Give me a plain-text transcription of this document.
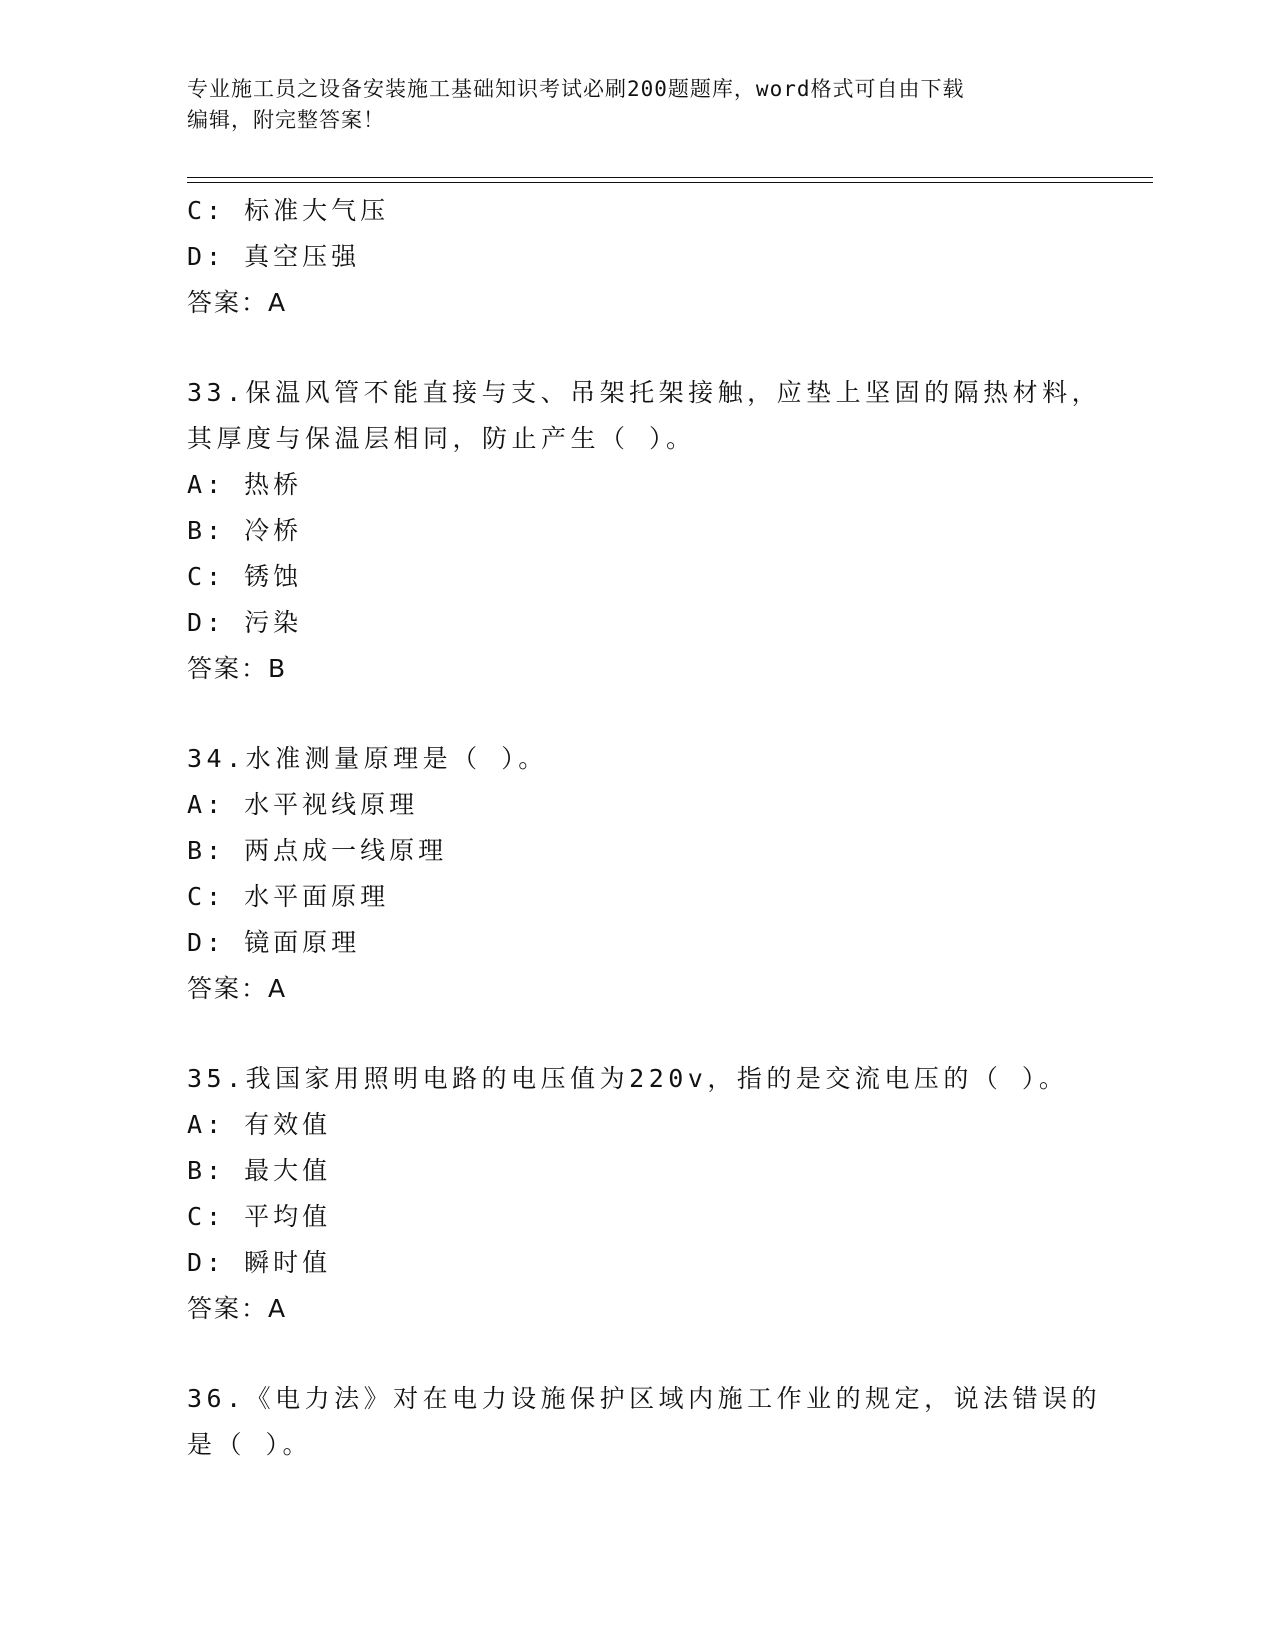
专业施工员之设备安装施工基础知识考试必刷200题题库，word格式可自由下载
编辑，附完整答案！
C: 标准大气压
D: 真空压强
答案：A
33.保温风管不能直接与支、吊架托架接触，应垫上坚固的隔热材料，
其厚度与保温层相同，防止产生（ ）。
A: 热桥
B: 冷桥
C: 锈蚀
D: 污染
答案：B
34.水准测量原理是（ ）。
A: 水平视线原理
B: 两点成一线原理
C: 水平面原理
D: 镜面原理
答案：A
35.我国家用照明电路的电压值为220v，指的是交流电压的（ ）。
A: 有效值
B: 最大值
C: 平均值
D: 瞬时值
答案：A
36.《电力法》对在电力设施保护区域内施工作业的规定，说法错误的
是（ ）。
